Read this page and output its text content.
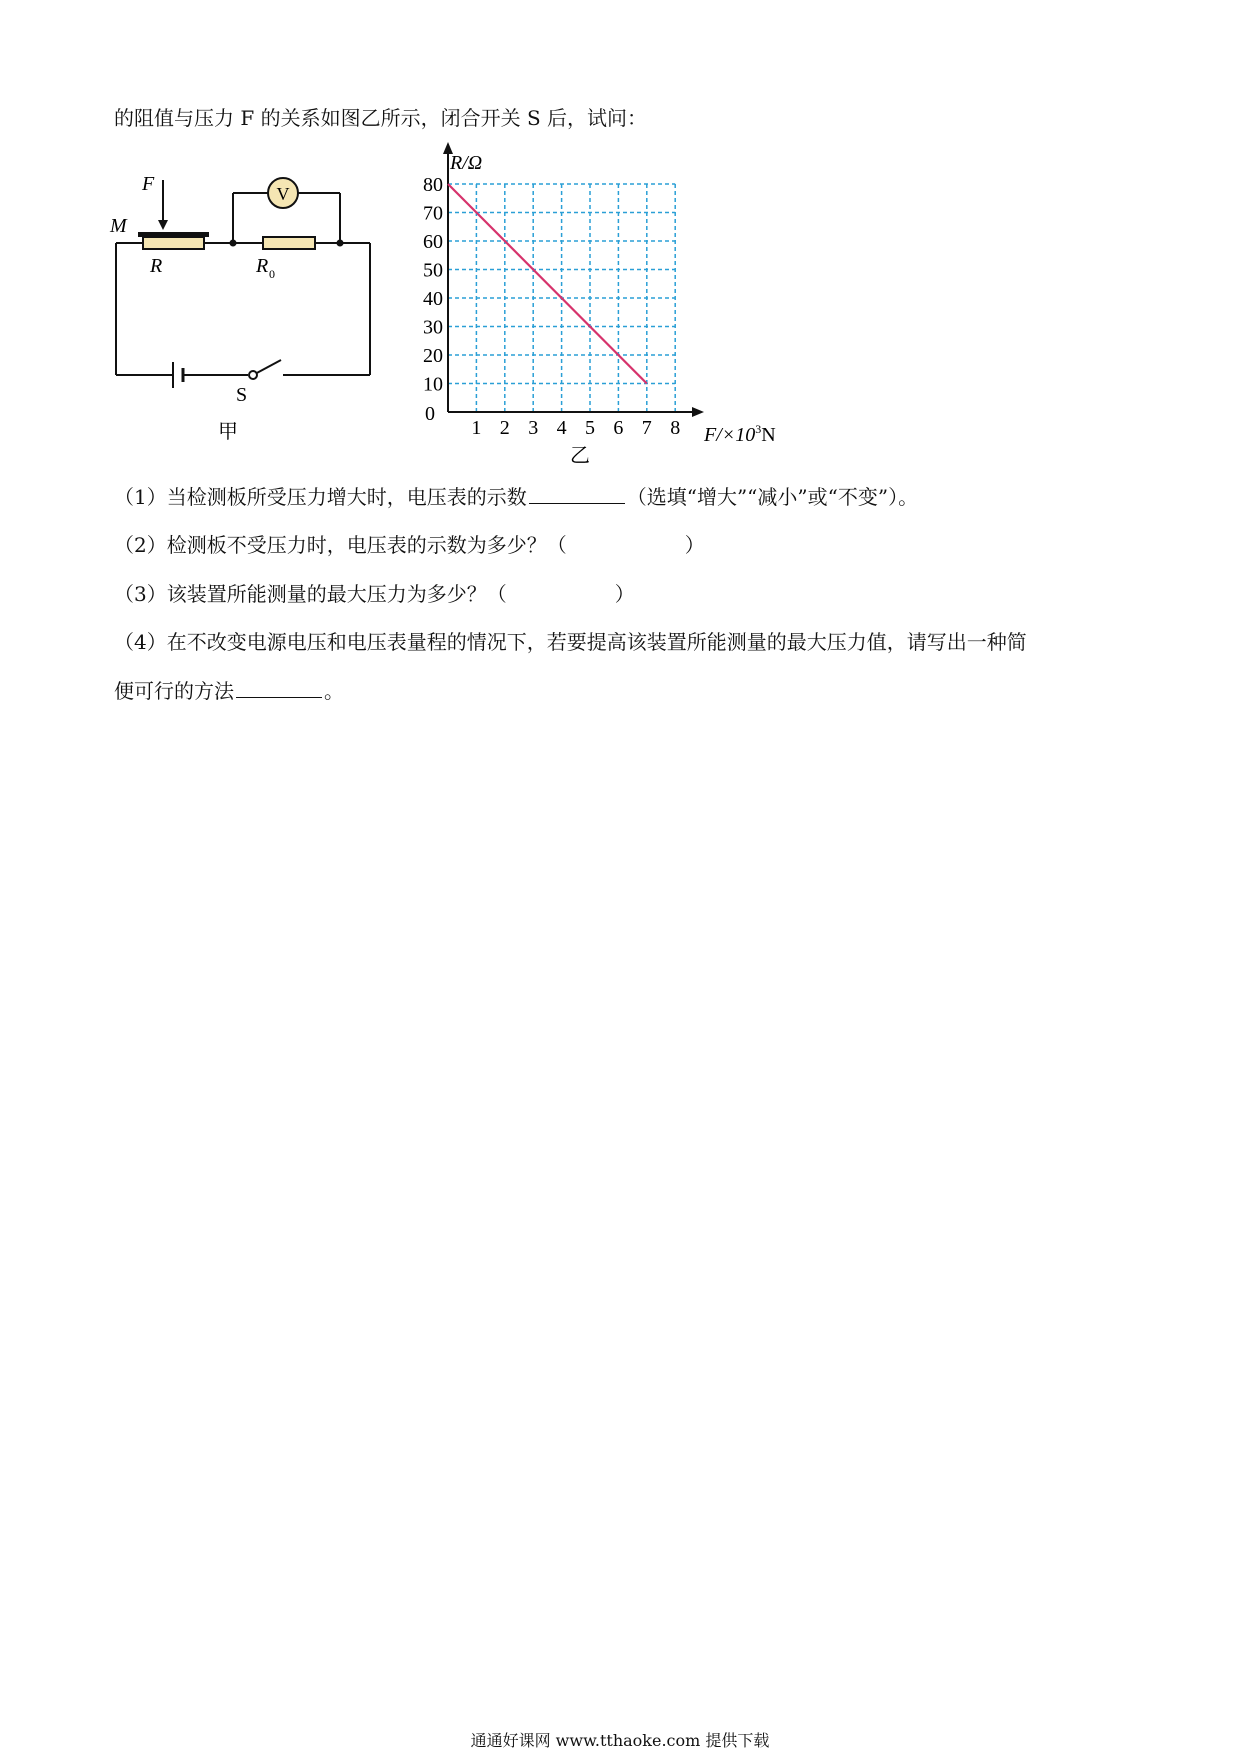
的阻值与压力 F 的关系如图乙所示，闭合开关 S 后，试问：
V
F
M
R	R 0
S
甲
0
1 2 3 4 5 6 7 8
10
20
30
40
50
60
70
80
R/Ω
$F/\times 10^3N$
乙
（1）当检测板所受压力增大时，电压表的示数	（选填“增大”“减小”或“不变”）。
（2）检测板不受压力时，电压表的示数为多少？（	）
（3）该装置所能测量的最大压力为多少？（	）
（4）在不改变电源电压和电压表量程的情况下，若要提高该装置所能测量的最大压力值，请写出一种简
便可行的方法	。
通通好课网 www.tthaoke.com 提供下载
